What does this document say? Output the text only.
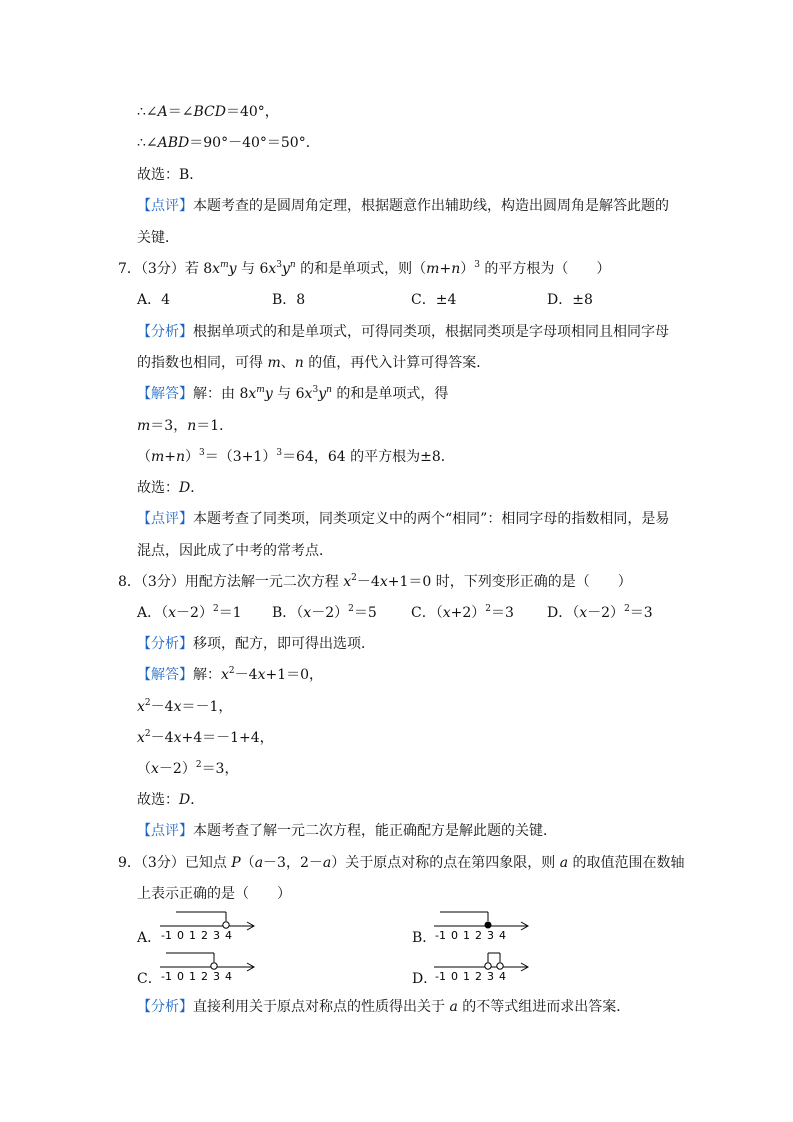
∴∠A＝∠BCD＝40°，
∴∠ABD＝90°－40°＝50°．
故选：B．
【点评】本题考查的是圆周角定理，根据题意作出辅助线，构造出圆周角是解答此题的
关键．
7．（3分）若 $8x^my$ 与 $6x^3y^n$ 的和是单项式，则$(m+n)^3$ 的平方根为（　　）
A．4	B．8	C．±4	D．±8
【分析】根据单项式的和是单项式，可得同类项，根据同类项是字母项相同且相同字母
的指数也相同，可得 m、n 的值，再代入计算可得答案．
【解答】解：由 $8x^my$ 与 $6x^3y^n$ 的和是单项式，得
m＝3，n＝1．
$(m+n)^3=(3+1)^3=64$，64 的平方根为±8．
故选：D．
【点评】本题考查了同类项，同类项定义中的两个“相同”：相同字母的指数相同，是易
混点，因此成了中考的常考点．
8．（3分）用配方法解一元二次方程 $x^2-4x+1=0$ 时，下列变形正确的是（　　）
A．$(x-2)^2=1$ B．$(x-2)^2=5$ C．$(x+2)^2=3$ D．$(x-2)^2=3$
【分析】移项，配方，即可得出选项．
【解答】解：$x^2-4x+1=0$，
$x^2-4x=-1$，
$x^2-4x+4=-1+4$，
$(x-2)^2=3$，
故选：D．
【点评】本题考查了解一元二次方程，能正确配方是解此题的关键．
9．（3分）已知点 P（a－3，2－a）关于原点对称的点在第四象限，则 a 的取值范围在数轴
上表示正确的是（　　）
A．	B．
C．	D．
-1 0 1 2 3 4	-1 0 1 2 3 4
-1 0 1 2 3 4	-1 0 1 2 3 4
【分析】直接利用关于原点对称点的性质得出关于 a 的不等式组进而求出答案．
